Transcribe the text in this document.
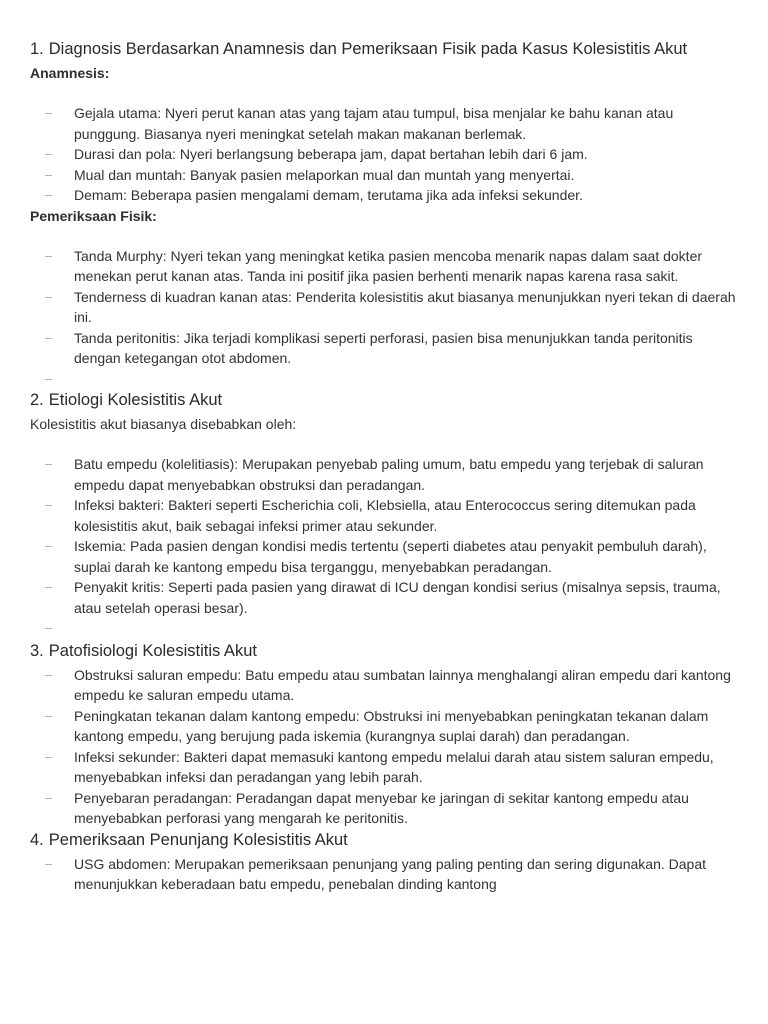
1. Diagnosis Berdasarkan Anamnesis dan Pemeriksaan Fisik pada Kasus Kolesistitis Akut

Anamnesis:

– Gejala utama: Nyeri perut kanan atas yang tajam atau tumpul, bisa menjalar ke bahu kanan atau punggung. Biasanya nyeri meningkat setelah makan makanan berlemak.
– Durasi dan pola: Nyeri berlangsung beberapa jam, dapat bertahan lebih dari 6 jam.
– Mual dan muntah: Banyak pasien melaporkan mual dan muntah yang menyertai.
– Demam: Beberapa pasien mengalami demam, terutama jika ada infeksi sekunder.

Pemeriksaan Fisik:

– Tanda Murphy: Nyeri tekan yang meningkat ketika pasien mencoba menarik napas dalam saat dokter menekan perut kanan atas. Tanda ini positif jika pasien berhenti menarik napas karena rasa sakit.
– Tenderness di kuadran kanan atas: Penderita kolesistitis akut biasanya menunjukkan nyeri tekan di daerah ini.
– Tanda peritonitis: Jika terjadi komplikasi seperti perforasi, pasien bisa menunjukkan tanda peritonitis dengan ketegangan otot abdomen.
–
2. Etiologi Kolesistitis Akut

Kolesistitis akut biasanya disebabkan oleh:

– Batu empedu (kolelitiasis): Merupakan penyebab paling umum, batu empedu yang terjebak di saluran empedu dapat menyebabkan obstruksi dan peradangan.
– Infeksi bakteri: Bakteri seperti Escherichia coli, Klebsiella, atau Enterococcus sering ditemukan pada kolesistitis akut, baik sebagai infeksi primer atau sekunder.
– Iskemia: Pada pasien dengan kondisi medis tertentu (seperti diabetes atau penyakit pembuluh darah), suplai darah ke kantong empedu bisa terganggu, menyebabkan peradangan.
– Penyakit kritis: Seperti pada pasien yang dirawat di ICU dengan kondisi serius (misalnya sepsis, trauma, atau setelah operasi besar).
–
3. Patofisiologi Kolesistitis Akut
– Obstruksi saluran empedu: Batu empedu atau sumbatan lainnya menghalangi aliran empedu dari kantong empedu ke saluran empedu utama.
– Peningkatan tekanan dalam kantong empedu: Obstruksi ini menyebabkan peningkatan tekanan dalam kantong empedu, yang berujung pada iskemia (kurangnya suplai darah) dan peradangan.
– Infeksi sekunder: Bakteri dapat memasuki kantong empedu melalui darah atau sistem saluran empedu, menyebabkan infeksi dan peradangan yang lebih parah.
– Penyebaran peradangan: Peradangan dapat menyebar ke jaringan di sekitar kantong empedu atau menyebabkan perforasi yang mengarah ke peritonitis.
4. Pemeriksaan Penunjang Kolesistitis Akut
– USG abdomen: Merupakan pemeriksaan penunjang yang paling penting dan sering digunakan. Dapat menunjukkan keberadaan batu empedu, penebalan dinding kantong
